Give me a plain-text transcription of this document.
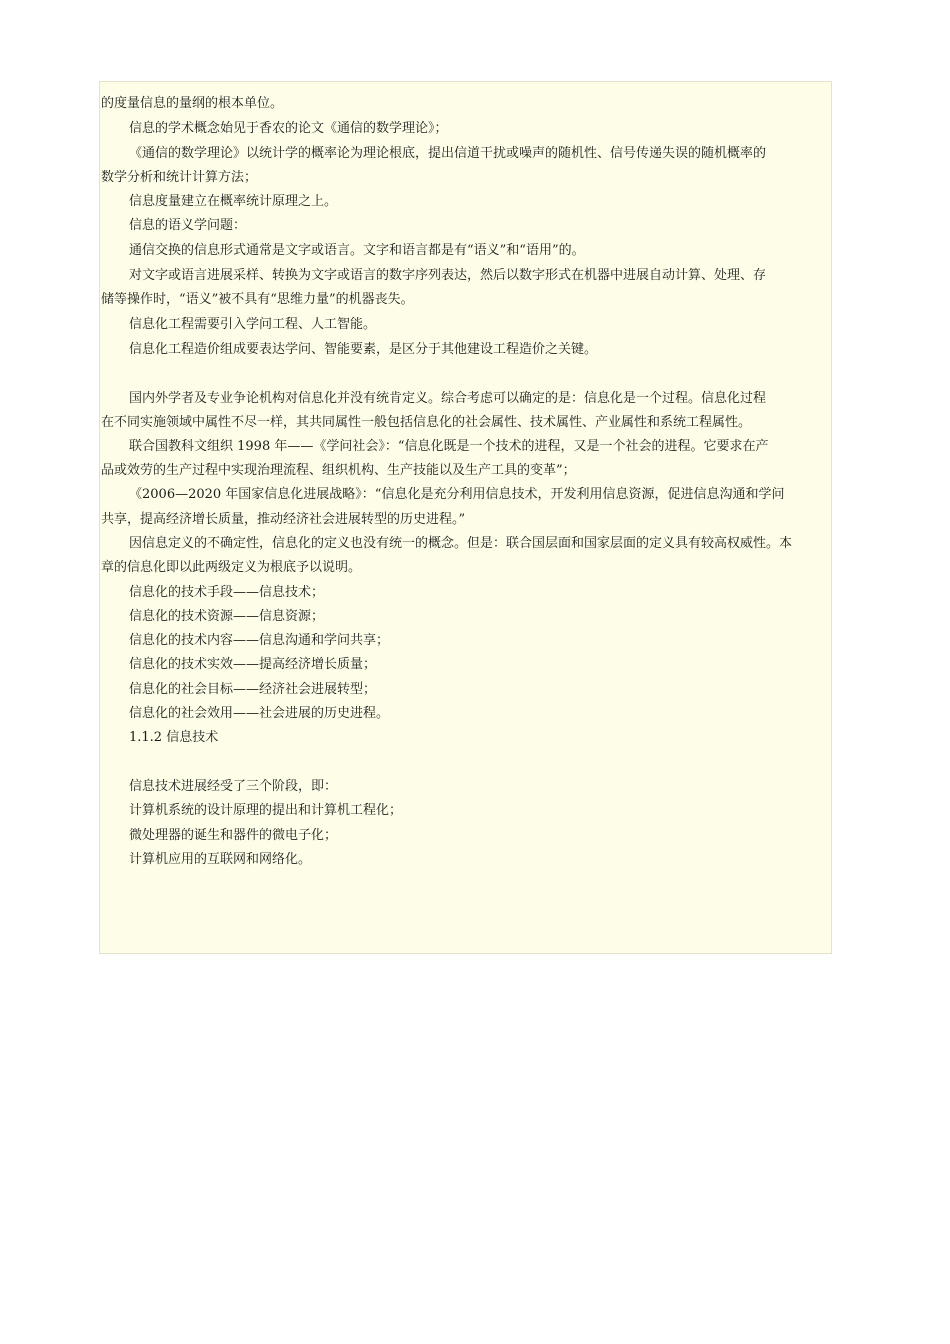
的度量信息的量纲的根本单位。
信息的学术概念始见于香农的论文《通信的数学理论》；
《通信的数学理论》以统计学的概率论为理论根底，提出信道干扰或噪声的随机性、信号传递失误的随机概率的
数学分析和统计计算方法；
信息度量建立在概率统计原理之上。
信息的语义学问题：
通信交换的信息形式通常是文字或语言。文字和语言都是有“语义”和“语用”的。
对文字或语言进展采样、转换为文字或语言的数字序列表达，然后以数字形式在机器中进展自动计算、处理、存
储等操作时，“语义”被不具有“思维力量”的机器丧失。
信息化工程需要引入学问工程、人工智能。
信息化工程造价组成要表达学问、智能要素，是区分于其他建设工程造价之关键。
国内外学者及专业争论机构对信息化并没有统肯定义。综合考虑可以确定的是：信息化是一个过程。信息化过程
在不同实施领域中属性不尽一样，其共同属性一般包括信息化的社会属性、技术属性、产业属性和系统工程属性。
联合国教科文组织 1998 年——《学问社会》：“信息化既是一个技术的进程，又是一个社会的进程。它要求在产
品或效劳的生产过程中实现治理流程、组织机构、生产技能以及生产工具的变革”；
《2006—2020 年国家信息化进展战略》：“信息化是充分利用信息技术，开发利用信息资源，促进信息沟通和学问
共享，提高经济增长质量，推动经济社会进展转型的历史进程。”
因信息定义的不确定性，信息化的定义也没有统一的概念。但是：联合国层面和国家层面的定义具有较高权威性。本
章的信息化即以此两级定义为根底予以说明。
信息化的技术手段——信息技术；
信息化的技术资源——信息资源；
信息化的技术内容——信息沟通和学问共享；
信息化的技术实效——提高经济增长质量；
信息化的社会目标——经济社会进展转型；
信息化的社会效用——社会进展的历史进程。
1.1.2 信息技术
信息技术进展经受了三个阶段，即：
计算机系统的设计原理的提出和计算机工程化；
微处理器的诞生和器件的微电子化；
计算机应用的互联网和网络化。
